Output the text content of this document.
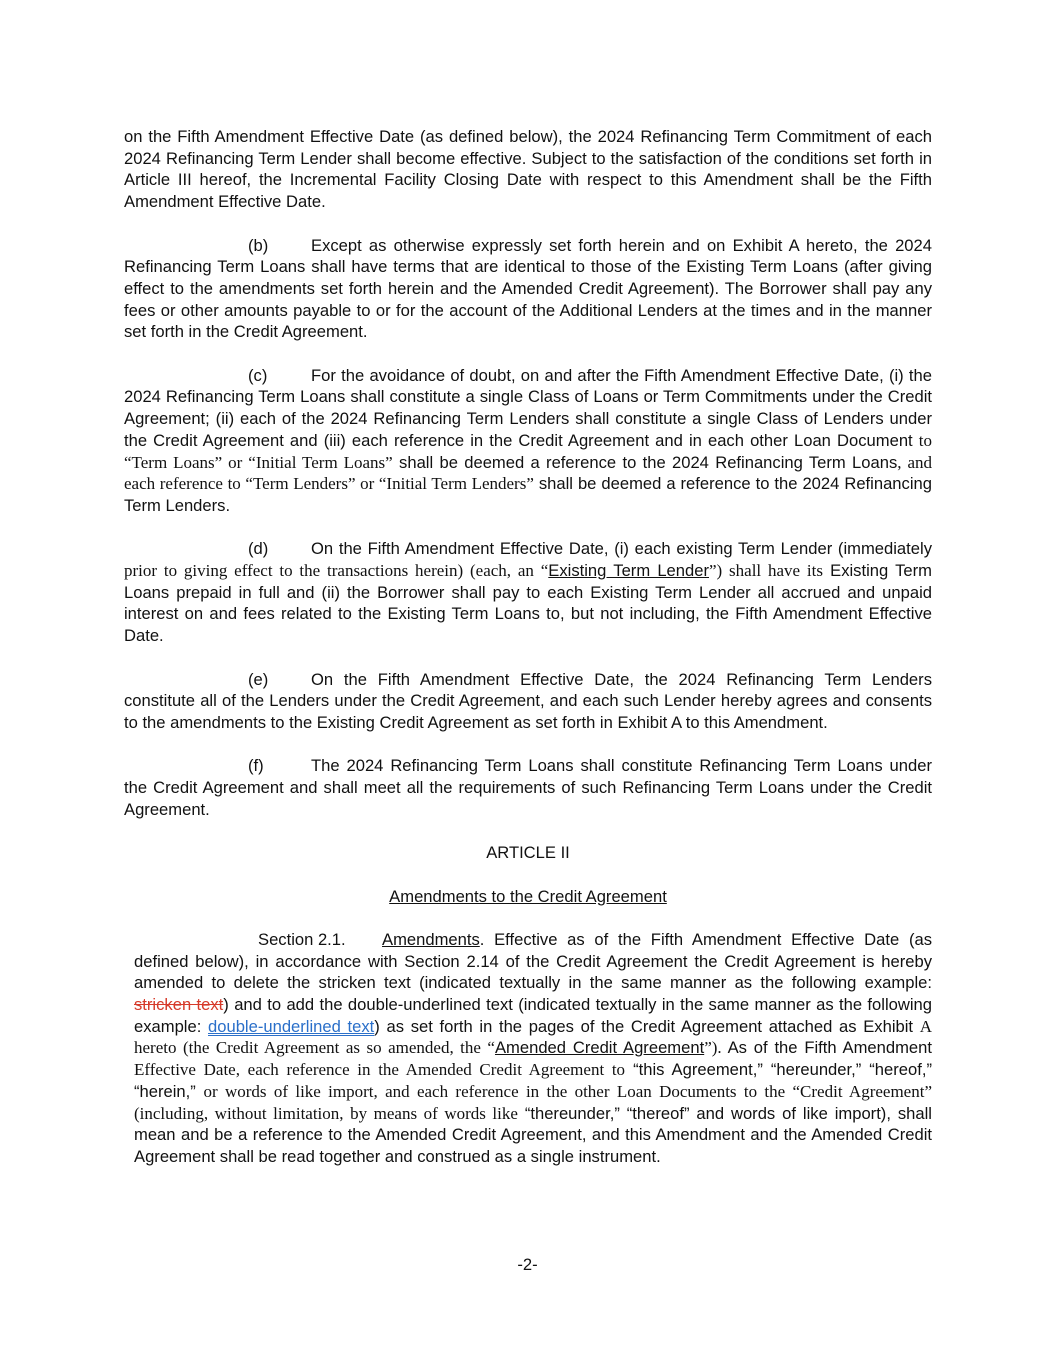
on the Fifth Amendment Effective Date (as defined below), the 2024 Refinancing Term Commitment of each 2024 Refinancing Term Lender shall become effective. Subject to the satisfaction of the conditions set forth in Article III hereof, the Incremental Facility Closing Date with respect to this Amendment shall be the Fifth Amendment Effective Date.

(b)	Except as otherwise expressly set forth herein and on Exhibit A hereto, the 2024 Refinancing Term Loans shall have terms that are identical to those of the Existing Term Loans (after giving effect to the amendments set forth herein and the Amended Credit Agreement). The Borrower shall pay any fees or other amounts payable to or for the account of the Additional Lenders at the times and in the manner set forth in the Credit Agreement.

(c)	For the avoidance of doubt, on and after the Fifth Amendment Effective Date, (i) the 2024 Refinancing Term Loans shall constitute a single Class of Loans or Term Commitments under the Credit Agreement; (ii) each of the 2024 Refinancing Term Lenders shall constitute a single Class of Lenders under the Credit Agreement and (iii) each reference in the Credit Agreement and in each other Loan Document to “Term Loans” or “Initial Term Loans” shall be deemed a reference to the 2024 Refinancing Term Loans, and each reference to “Term Lenders” or “Initial Term Lenders” shall be deemed a reference to the 2024 Refinancing Term Lenders.

(d)	On the Fifth Amendment Effective Date, (i) each existing Term Lender (immediately prior to giving effect to the transactions herein) (each, an “Existing Term Lender”) shall have its Existing Term Loans prepaid in full and (ii) the Borrower shall pay to each Existing Term Lender all accrued and unpaid interest on and fees related to the Existing Term Loans to, but not including, the Fifth Amendment Effective Date.

(e)	On the Fifth Amendment Effective Date, the 2024 Refinancing Term Lenders constitute all of the Lenders under the Credit Agreement, and each such Lender hereby agrees and consents to the amendments to the Existing Credit Agreement as set forth in Exhibit A to this Amendment.

(f)	The 2024 Refinancing Term Loans shall constitute Refinancing Term Loans under the Credit Agreement and shall meet all the requirements of such Refinancing Term Loans under the Credit Agreement.

ARTICLE II

Amendments to the Credit Agreement

Section 2.1. Amendments. Effective as of the Fifth Amendment Effective Date (as defined below), in accordance with Section 2.14 of the Credit Agreement the Credit Agreement is hereby amended to delete the stricken text (indicated textually in the same manner as the following example: stricken text) and to add the double-underlined text (indicated textually in the same manner as the following example: double-underlined text) as set forth in the pages of the Credit Agreement attached as Exhibit A hereto (the Credit Agreement as so amended, the “Amended Credit Agreement”). As of the Fifth Amendment Effective Date, each reference in the Amended Credit Agreement to “this Agreement,” “hereunder,” “hereof,” “herein,” or words of like import, and each reference in the other Loan Documents to the “Credit Agreement” (including, without limitation, by means of words like “thereunder,” “thereof” and words of like import), shall mean and be a reference to the Amended Credit Agreement, and this Amendment and the Amended Credit Agreement shall be read together and construed as a single instrument.

-2-
